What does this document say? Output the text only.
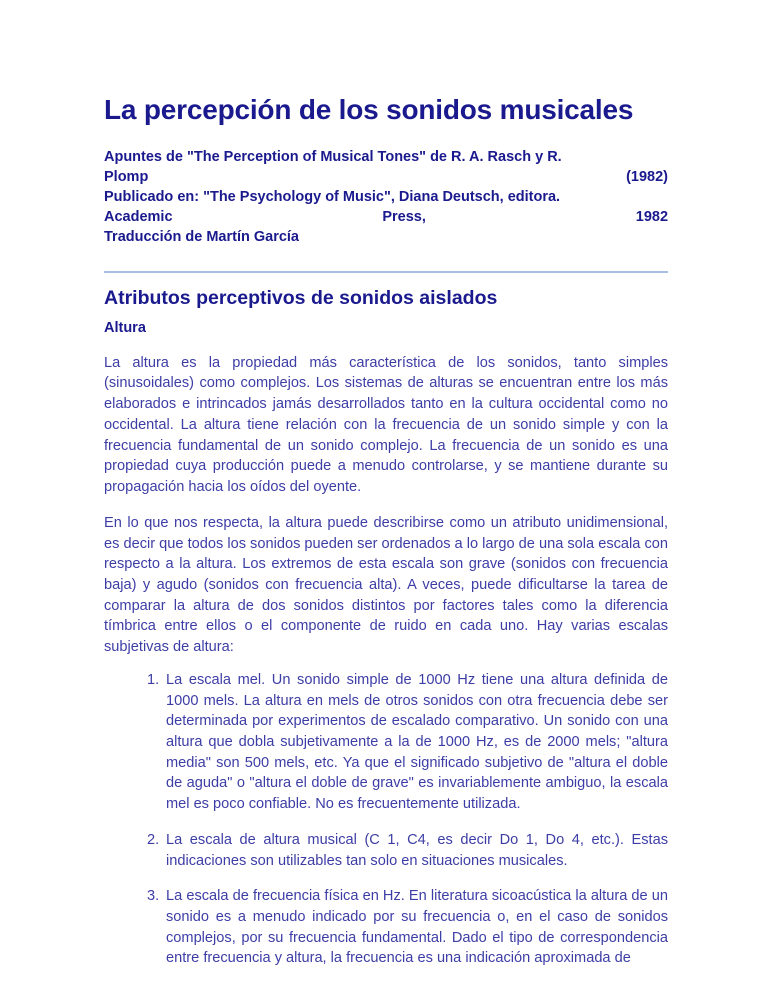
La percepción de los sonidos musicales
Apuntes de "The Perception of Musical Tones" de R. A. Rasch y R.
Plomp	(1982)
Publicado en: "The Psychology of Music", Diana Deutsch, editora.
Academic	Press,	1982
Traducción de Martín García
Atributos perceptivos de sonidos aislados
Altura

La altura es la propiedad más característica de los sonidos, tanto simples (sinusoidales) como complejos. Los sistemas de alturas se encuentran entre los más elaborados e intrincados jamás desarrollados tanto en la cultura occidental como no occidental. La altura tiene relación con la frecuencia de un sonido simple y con la frecuencia fundamental de un sonido complejo. La frecuencia de un sonido es una propiedad cuya producción puede a menudo controlarse, y se mantiene durante su propagación hacia los oídos del oyente.

En lo que nos respecta, la altura puede describirse como un atributo unidimensional, es decir que todos los sonidos pueden ser ordenados a lo largo de una sola escala con respecto a la altura. Los extremos de esta escala son grave (sonidos con frecuencia baja) y agudo (sonidos con frecuencia alta). A veces, puede dificultarse la tarea de comparar la altura de dos sonidos distintos por factores tales como la diferencia tímbrica entre ellos o el componente de ruido en cada uno. Hay varias escalas subjetivas de altura:

La escala mel. Un sonido simple de 1000 Hz tiene una altura definida de 1000 mels. La altura en mels de otros sonidos con otra frecuencia debe ser determinada por experimentos de escalado comparativo. Un sonido con una altura que dobla subjetivamente a la de 1000 Hz, es de 2000 mels; "altura media" son 500 mels, etc. Ya que el significado subjetivo de "altura el doble de aguda" o "altura el doble de grave" es invariablemente ambiguo, la escala mel es poco confiable. No es frecuentemente utilizada.
La escala de altura musical (C 1, C4, es decir Do 1, Do 4, etc.). Estas indicaciones son utilizables tan solo en situaciones musicales.
La escala de frecuencia física en Hz. En literatura sicoacústica la altura de un sonido es a menudo indicado por su frecuencia o, en el caso de sonidos complejos, por su frecuencia fundamental. Dado el tipo de correspondencia entre frecuencia y altura, la frecuencia es una indicación aproximada de
